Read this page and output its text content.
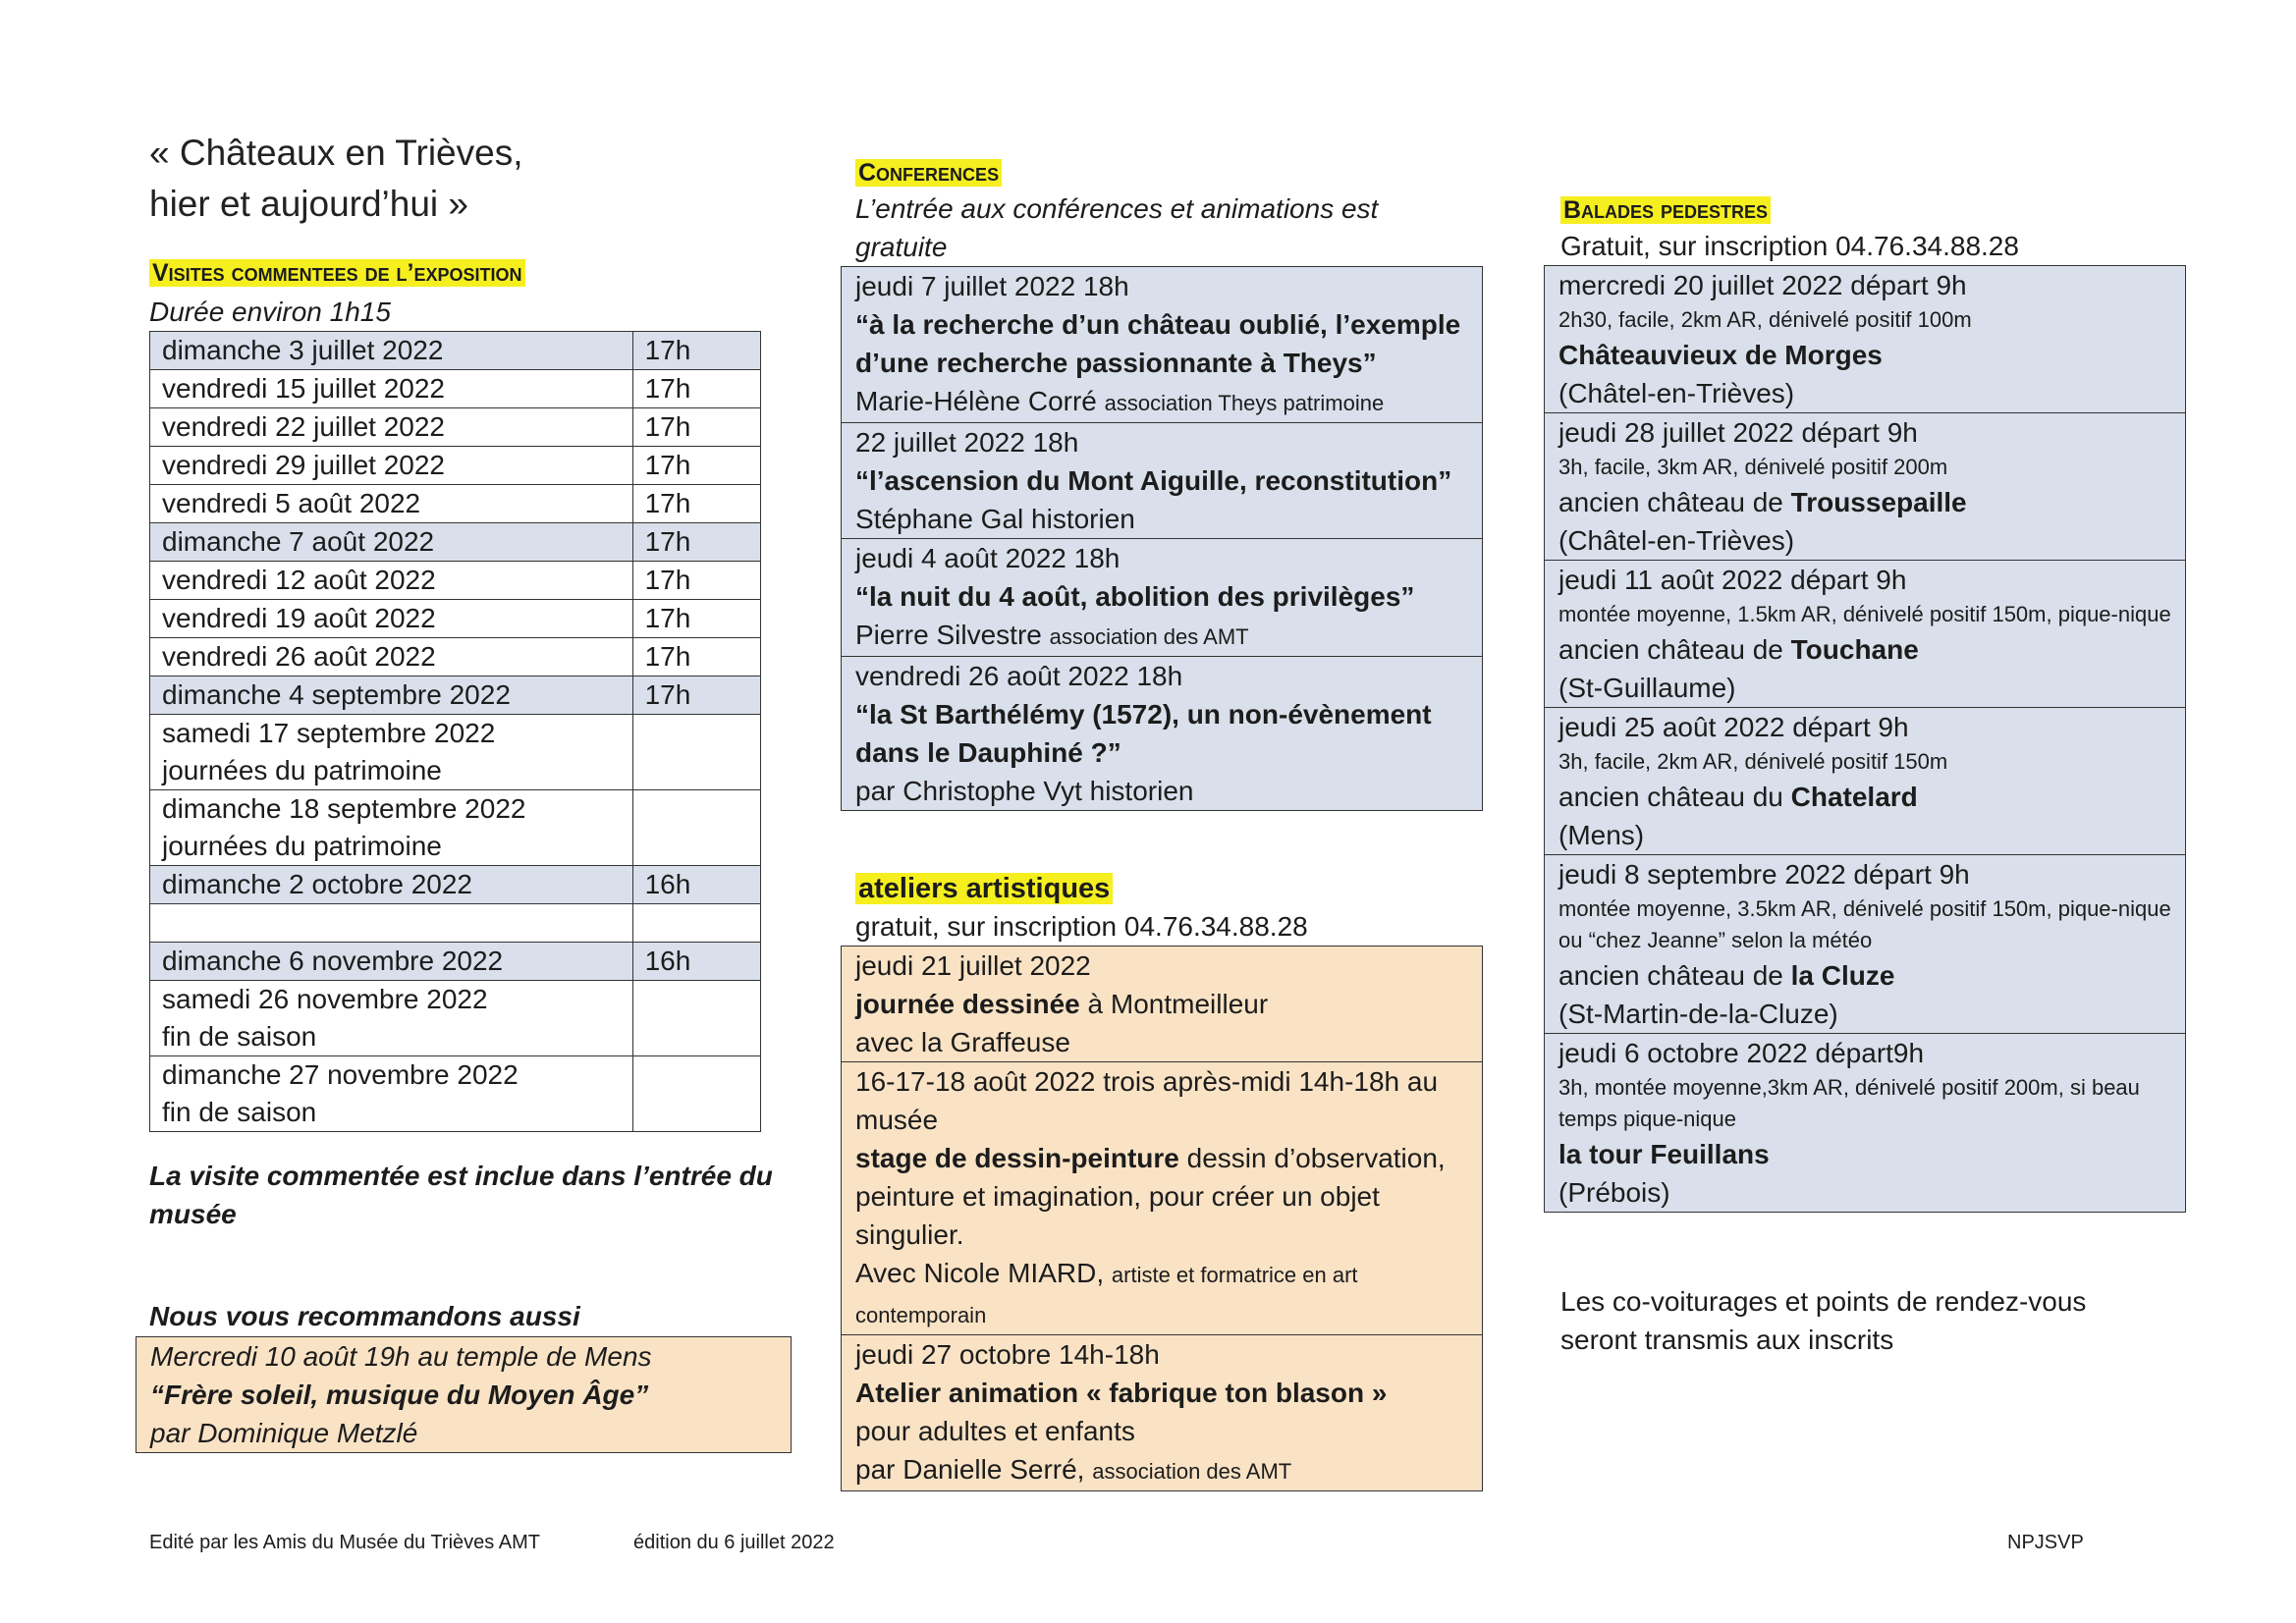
« Châteaux en Trièves,
hier et aujourd’hui »
Visites commentees de l’exposition
Durée environ 1h15
dimanche 3 juillet 2022	17h

vendredi 15 juillet 2022	17h

vendredi 22 juillet 2022	17h

vendredi 29 juillet 2022	17h

vendredi 5 août 2022	17h

dimanche 7 août 2022	17h

vendredi 12 août 2022	17h

vendredi 19 août 2022	17h

vendredi 26 août 2022	17h

dimanche 4 septembre 2022	17h

samedi 17 septembre 2022
journées du patrimoine	

dimanche 18 septembre 2022
journées du patrimoine	

dimanche 2 octobre 2022	16h

dimanche 6 novembre 2022	16h

samedi 26 novembre 2022
fin de saison	

dimanche 27 novembre 2022
fin de saison	

La visite commentée est inclue dans l’entrée du musée
Nous vous recommandons aussi
Mercredi 10 août 19h au temple de Mens
“Frère soleil, musique du Moyen Âge”
par Dominique Metzlé
Conferences
L’entrée aux conférences et animations est gratuite
jeudi 7 juillet 2022 18h
“à la recherche d’un château oublié, l’exemple d’une recherche passionnante à Theys”
Marie-Hélène Corré association Theys patrimoine
22 juillet 2022 18h
“l’ascension du Mont Aiguille, reconstitution”
Stéphane Gal historien
jeudi 4 août 2022 18h
“la nuit du 4 août, abolition des privilèges”
Pierre Silvestre association des AMT
vendredi 26 août 2022 18h
“la St Barthélémy (1572), un non-évènement dans le Dauphiné ?”
par Christophe Vyt historien
ateliers artistiques
gratuit, sur inscription 04.76.34.88.28
jeudi 21 juillet 2022
journée dessinée à Montmeilleur
avec la Graffeuse
16-17-18 août 2022 trois après-midi 14h-18h au musée
stage de dessin-peinture dessin d’observation, peinture et imagination, pour créer un objet singulier.
Avec Nicole MIARD, artiste et formatrice en art contemporain
jeudi 27 octobre 14h-18h
Atelier animation « fabrique ton blason »
pour adultes et enfants
par Danielle Serré, association des AMT
Balades pedestres
Gratuit, sur inscription 04.76.34.88.28
mercredi 20 juillet 2022 départ 9h
2h30, facile, 2km AR, dénivelé positif 100m
Châteauvieux de Morges
(Châtel-en-Trièves)
jeudi 28 juillet 2022 départ 9h
3h, facile, 3km AR, dénivelé positif 200m
ancien château de Troussepaille
(Châtel-en-Trièves)
jeudi 11 août 2022 départ 9h
montée moyenne, 1.5km AR, dénivelé positif 150m, pique-nique
ancien château de Touchane
(St-Guillaume)
jeudi 25 août 2022 départ 9h
3h, facile, 2km AR, dénivelé positif 150m
ancien château du Chatelard
(Mens)
jeudi 8 septembre 2022 départ 9h
montée moyenne, 3.5km AR, dénivelé positif 150m, pique-nique ou “chez Jeanne” selon la météo
ancien château de la Cluze
(St-Martin-de-la-Cluze)
jeudi 6 octobre 2022 départ9h
3h, montée moyenne,3km AR, dénivelé positif 200m, si beau temps pique-nique
la tour Feuillans
(Prébois)
Les co-voiturages et points de rendez-vous seront transmis aux inscrits
Edité par les Amis du Musée du Trièves AMT	édition du 6 juillet 2022	NPJSVP
